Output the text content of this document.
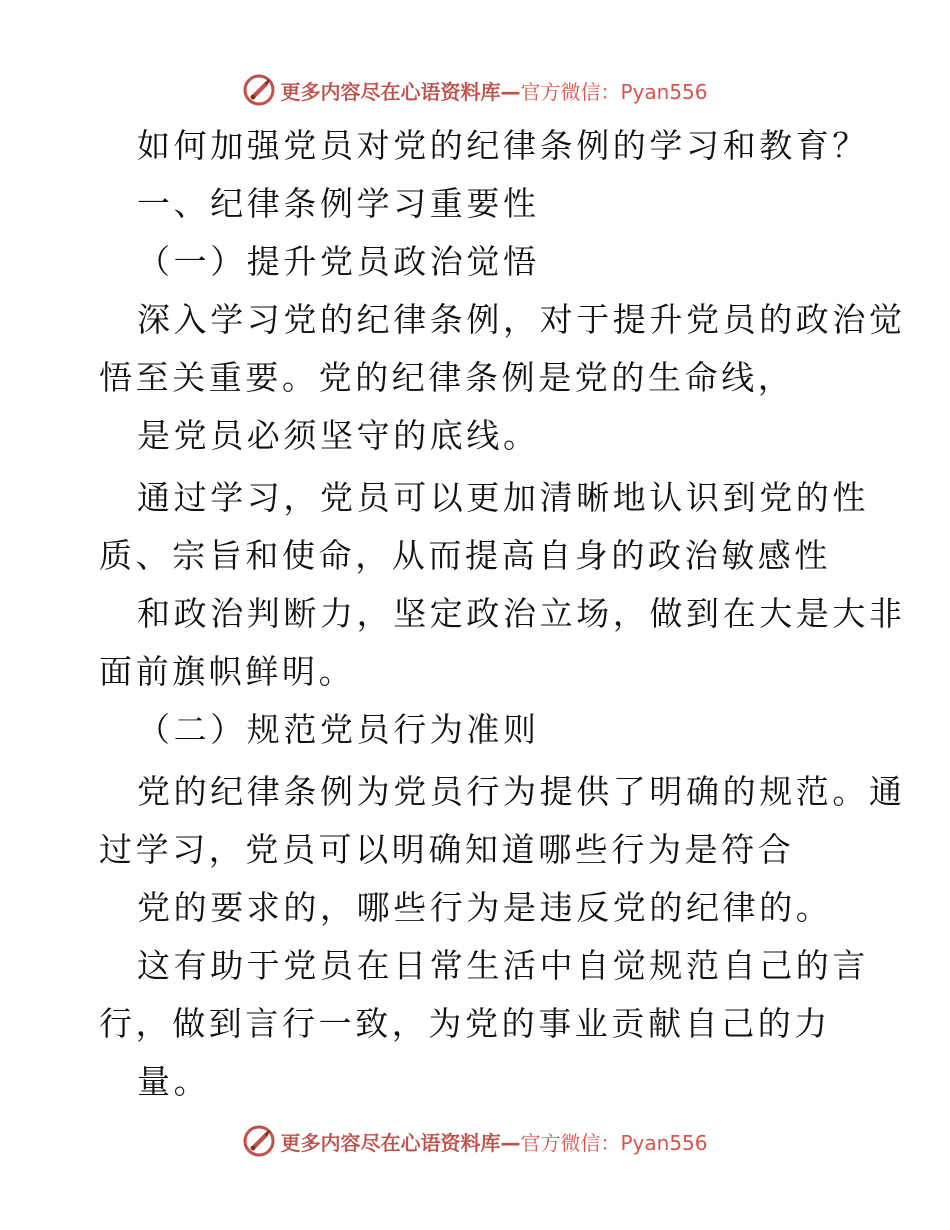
更多内容尽在心语资料库—官方微信：Pyan556
如何加强党员对党的纪律条例的学习和教育？
一、纪律条例学习重要性
（一）提升党员政治觉悟
深入学习党的纪律条例，对于提升党员的政治觉
悟至关重要。党的纪律条例是党的生命线，
是党员必须坚守的底线。
通过学习，党员可以更加清晰地认识到党的性
质、宗旨和使命，从而提高自身的政治敏感性
和政治判断力，坚定政治立场，做到在大是大非
面前旗帜鲜明。
（二）规范党员行为准则
党的纪律条例为党员行为提供了明确的规范。通
过学习，党员可以明确知道哪些行为是符合
党的要求的，哪些行为是违反党的纪律的。
这有助于党员在日常生活中自觉规范自己的言
行，做到言行一致，为党的事业贡献自己的力
量。
更多内容尽在心语资料库—官方微信：Pyan556
